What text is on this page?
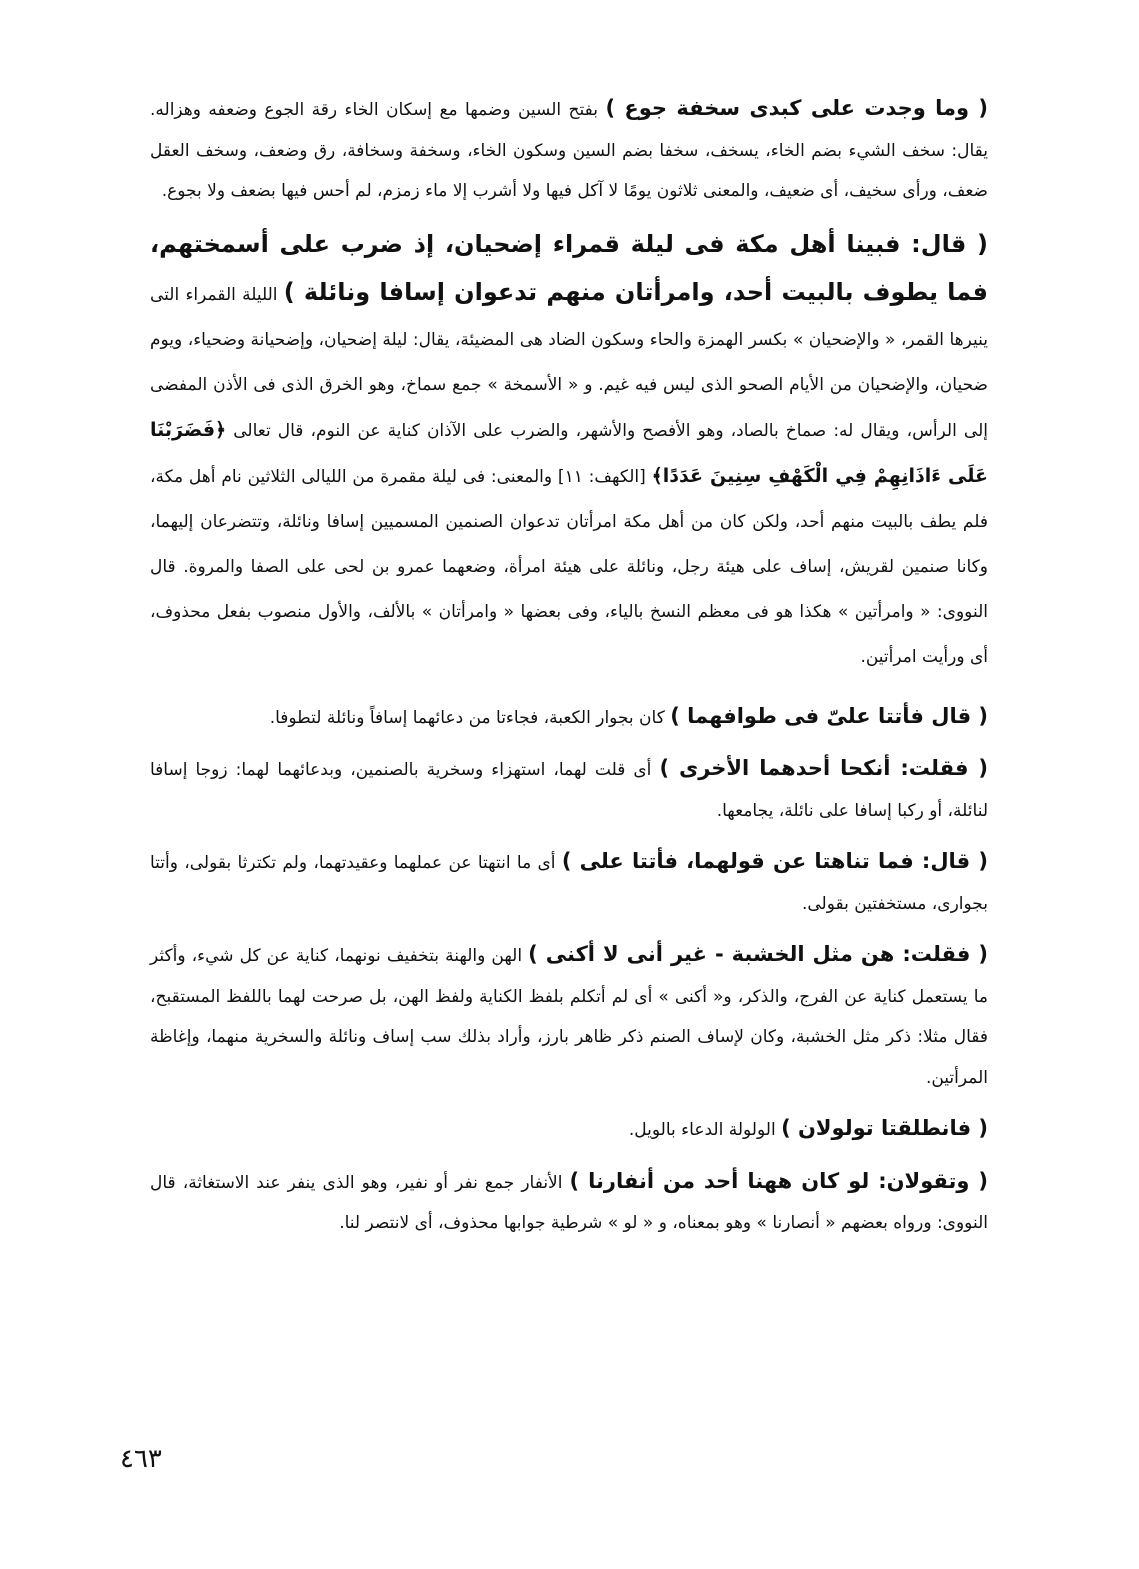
( وما وجدت على كبدى سخفة جوع ) بفتح السين وضمها مع إسكان الخاء رقة الجوع وضعفه وهزاله. يقال: سخف الشيء بضم الخاء، يسخف، سخفا بضم السين وسكون الخاء، وسخفة وسخافة، رق وضعف، وسخف العقل ضعف، ورأى سخيف، أى ضعيف، والمعنى ثلاثون يومًا لا آكل فيها ولا أشرب إلا ماء زمزم، لم أحس فيها بضعف ولا بجوع.

( قال: فبينا أهل مكة فى ليلة قمراء إضحيان، إذ ضرب على أسمختهم، فما يطوف بالبيت أحد، وامرأتان منهم تدعوان إسافا ونائلة ) الليلة القمراء التى ينيرها القمر، « والإضحيان » بكسر الهمزة والحاء وسكون الضاد هى المضيئة، يقال: ليلة إضحيان، وإضحيانة وضحياء، ويوم ضحيان، والإضحيان من الأيام الصحو الذى ليس فيه غيم. و « الأسمخة » جمع سماخ، وهو الخرق الذى فى الأذن المفضى إلى الرأس، ويقال له: صماخ بالصاد، وهو الأفصح والأشهر، والضرب على الآذان كناية عن النوم، قال تعالى ﴿فَضَرَبْنَا عَلَى ءَاذَانِهِمْ فِي الْكَهْفِ سِنِينَ عَدَدًا﴾ [الكهف: ١١] والمعنى: فى ليلة مقمرة من الليالى الثلاثين نام أهل مكة، فلم يطف بالبيت منهم أحد، ولكن كان من أهل مكة امرأتان تدعوان الصنمين المسميين إسافا ونائلة، وتتضرعان إليهما، وكانا صنمين لقريش، إساف على هيئة رجل، ونائلة على هيئة امرأة، وضعهما عمرو بن لحى على الصفا والمروة. قال النووى: « وامرأتين » هكذا هو فى معظم النسخ بالياء، وفى بعضها « وامرأتان » بالألف، والأول منصوب بفعل محذوف، أى ورأيت امرأتين.

( قال فأتتا علىّ فى طوافهما ) كان بجوار الكعبة، فجاءتا من دعائهما إسافاً ونائلة لتطوفا.

( فقلت: أنكحا أحدهما الأخرى ) أى قلت لهما، استهزاء وسخرية بالصنمين، وبدعائهما لهما: زوجا إسافا لنائلة، أو ركبا إسافا على نائلة، يجامعها.

( قال: فما تناهتا عن قولهما، فأتتا على ) أى ما انتهتا عن عملهما وعقيدتهما، ولم تكترثا بقولى، وأتتا بجوارى، مستخفتين بقولى.

( فقلت: هن مثل الخشبة - غير أنى لا أكنى ) الهن والهنة بتخفيف نونهما، كناية عن كل شيء، وأكثر ما يستعمل كناية عن الفرج، والذكر، و« أكنى » أى لم أتكلم بلفظ الكناية ولفظ الهن، بل صرحت لهما باللفظ المستقبح، فقال مثلا: ذكر مثل الخشبة، وكان لإساف الصنم ذكر ظاهر بارز، وأراد بذلك سب إساف ونائلة والسخرية منهما، وإغاظة المرأتين.

( فانطلقتا تولولان ) الولولة الدعاء بالويل.

( وتقولان: لو كان ههنا أحد من أنفارنا ) الأنفار جمع نفر أو نفير، وهو الذى ينفر عند الاستغاثة، قال النووى: ورواه بعضهم « أنصارنا » وهو بمعناه، و « لو » شرطية جوابها محذوف، أى لانتصر لنا.

٤٦٣
